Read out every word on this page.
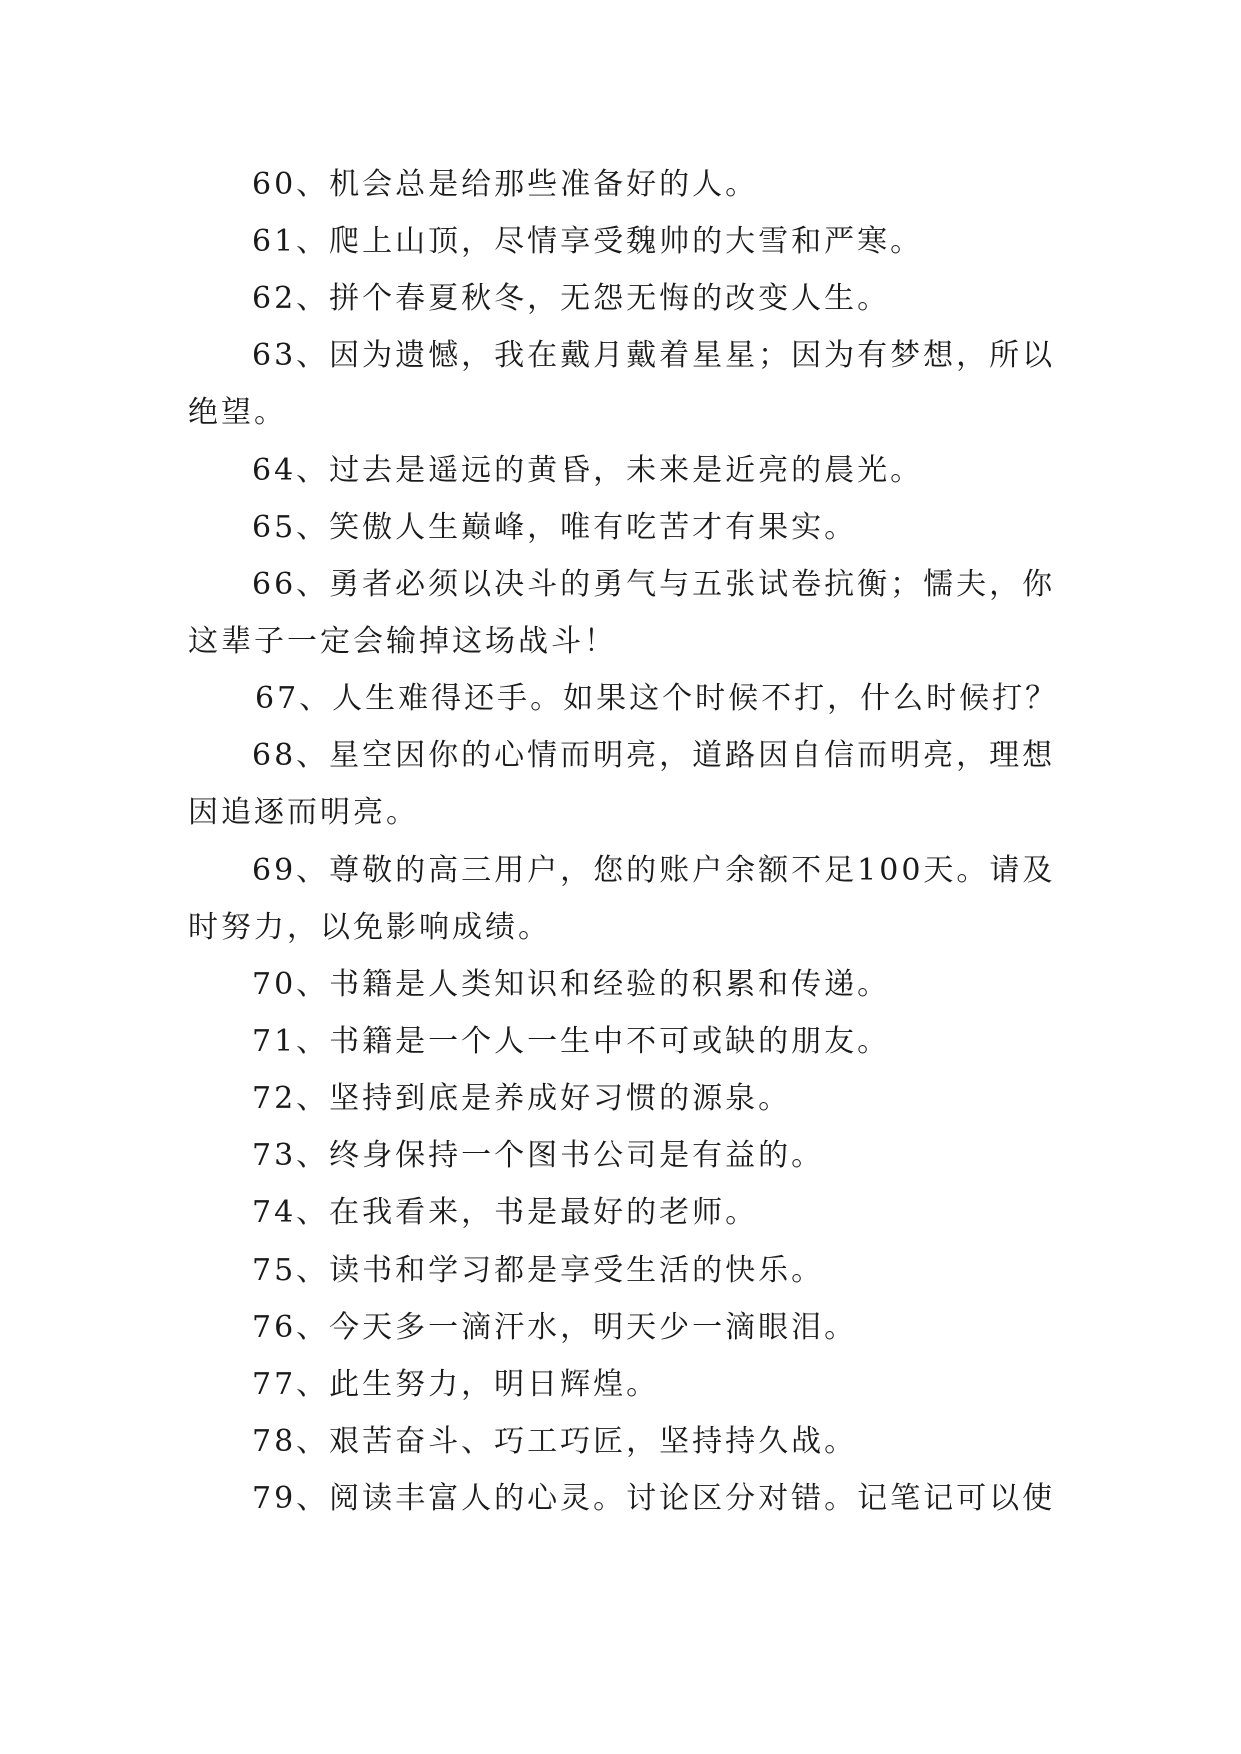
60、机会总是给那些准备好的人。
61、爬上山顶，尽情享受魏帅的大雪和严寒。
62、拼个春夏秋冬，无怨无悔的改变人生。
63、因为遗憾，我在戴月戴着星星；因为有梦想，所以
绝望。
64、过去是遥远的黄昏，未来是近亮的晨光。
65、笑傲人生巅峰，唯有吃苦才有果实。
66、勇者必须以决斗的勇气与五张试卷抗衡；懦夫，你
这辈子一定会输掉这场战斗！
67、人生难得还手。如果这个时候不打，什么时候打？
68、星空因你的心情而明亮，道路因自信而明亮，理想
因追逐而明亮。
69、尊敬的高三用户，您的账户余额不足100天。请及
时努力，以免影响成绩。
70、书籍是人类知识和经验的积累和传递。
71、书籍是一个人一生中不可或缺的朋友。
72、坚持到底是养成好习惯的源泉。
73、终身保持一个图书公司是有益的。
74、在我看来，书是最好的老师。
75、读书和学习都是享受生活的快乐。
76、今天多一滴汗水，明天少一滴眼泪。
77、此生努力，明日辉煌。
78、艰苦奋斗、巧工巧匠，坚持持久战。
79、阅读丰富人的心灵。讨论区分对错。记笔记可以使
